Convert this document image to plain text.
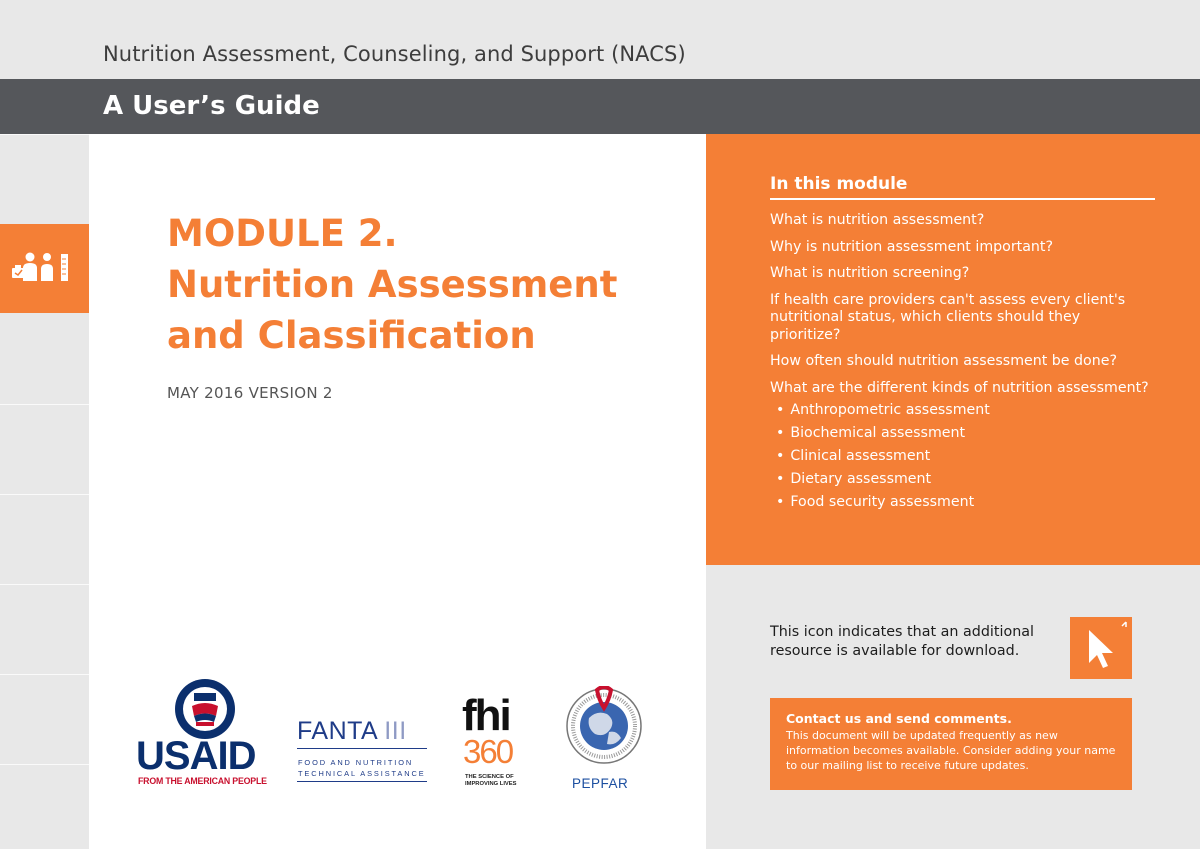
Nutrition Assessment, Counseling, and Support (NACS)
A User’s Guide
MODULE 2.
Nutrition Assessment
and Classification
MAY 2016 VERSION 2
USAID
FROM THE AMERICAN PEOPLE
FANTA III
FOOD AND NUTRITION TECHNICAL ASSISTANCE
fhi
360
THE SCIENCE OF IMPROVING LIVES	PEPFAR
In this module
What is nutrition assessment?
Why is nutrition assessment important?
What is nutrition screening?
If health care providers can't assess every client's nutritional status, which clients should they prioritize?
How often should nutrition assessment be done?
What are the different kinds of nutrition assessment?
• Anthropometric assessment
• Biochemical assessment
• Clinical assessment
• Dietary assessment
• Food security assessment
This icon indicates that an additional resource is available for download.
Contact us and send comments.
This document will be updated frequently as new information becomes available. Consider adding your name to our mailing list to receive future updates.
